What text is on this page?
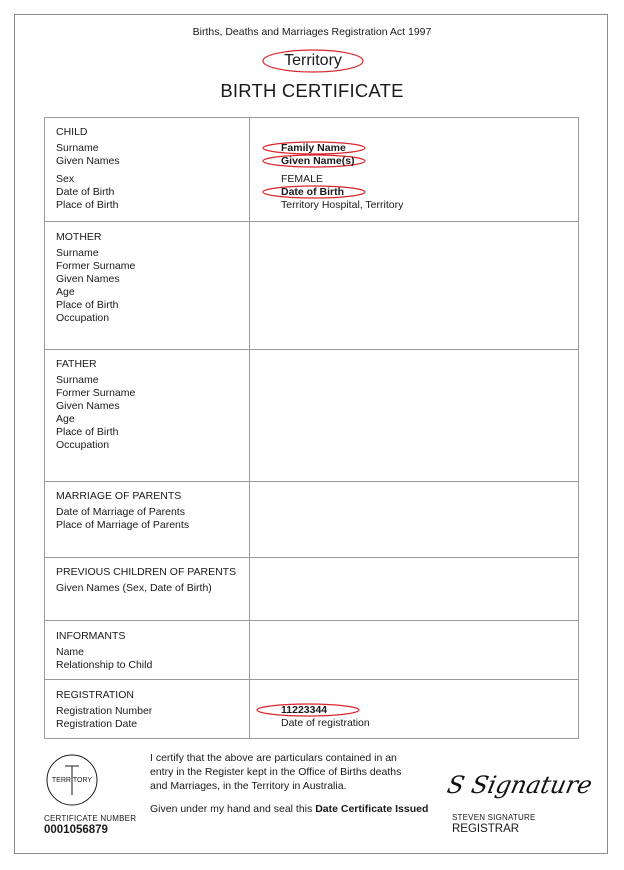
Births, Deaths and Marriages Registration Act 1997
Territory
BIRTH CERTIFICATE
CHILD
Surname
Given Names
Sex
Date of Birth
Place of Birth
Family Name
Given Name(s)
FEMALE
Date of Birth
Territory Hospital, Territory
MOTHER
Surname
Former Surname
Given Names
Age
Place of Birth
Occupation
FATHER
Surname
Former Surname
Given Names
Age
Place of Birth
Occupation
MARRIAGE OF PARENTS
Date of Marriage of Parents
Place of Marriage of Parents
PREVIOUS CHILDREN OF PARENTS
Given Names (Sex, Date of Birth)
INFORMANTS
Name
Relationship to Child
REGISTRATION
Registration Number
Registration Date
11223344
Date of registration
TERRITORY
CERTIFICATE NUMBER
0001056879
I certify that the above are particulars contained in an entry in the Register kept in the Office of Births deaths and Marriages, in the Territory in Australia.
Given under my hand and seal this Date Certificate Issued
S Signature
STEVEN SIGNATURE
REGISTRAR
